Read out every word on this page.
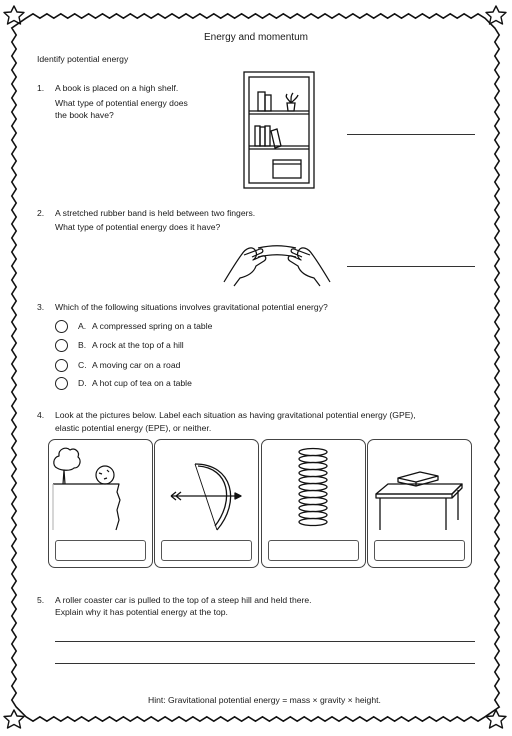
Energy and momentum
Identify potential energy
1. A book is placed on a high shelf.
What type of potential energy does
the book have?
2. A stretched rubber band is held between two fingers.
What type of potential energy does it have?
3. Which of the following situations involves gravitational potential energy?
A. A compressed spring on a table
B. A rock at the top of a hill
C. A moving car on a road
D. A hot cup of tea on a table
4. Look at the pictures below. Label each situation as having gravitational potential energy (GPE),
elastic potential energy (EPE), or neither.
5. A roller coaster car is pulled to the top of a steep hill and held there.
Explain why it has potential energy at the top.
Hint: Gravitational potential energy = mass × gravity × height.
